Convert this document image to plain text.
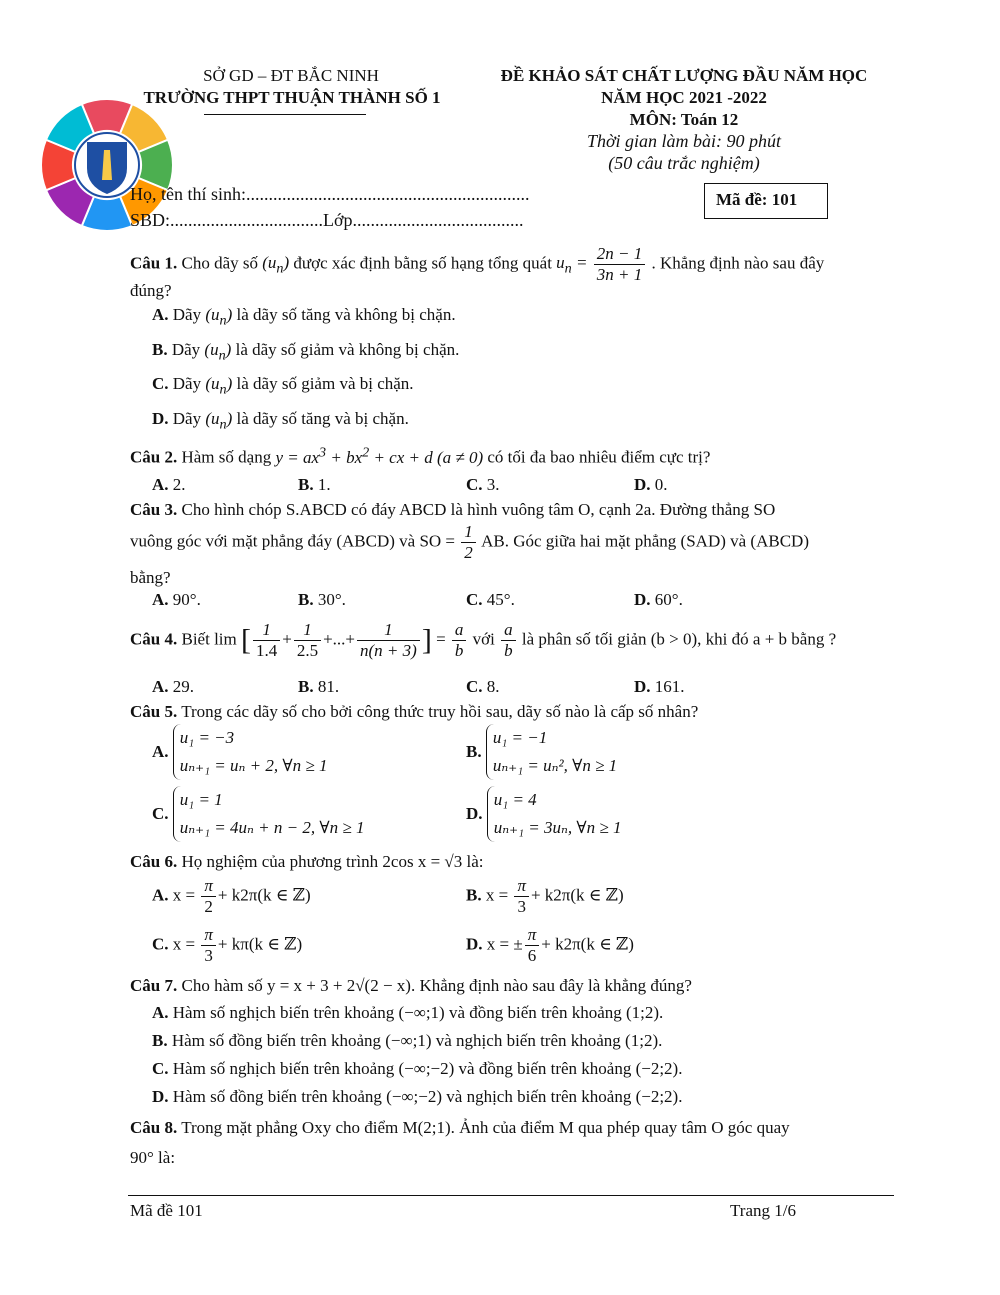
SỞ GD – ĐT BẮC NINH
TRƯỜNG THPT THUẬN THÀNH SỐ 1
ĐỀ KHẢO SÁT CHẤT LƯỢNG ĐẦU NĂM HỌC
NĂM HỌC 2021 -2022
MÔN: Toán 12
Thời gian làm bài: 90 phút
(50 câu trắc nghiệm)
Họ, tên thí sinh:...............................................................
SBD:..................................Lớp......................................
Mã đề: 101
Câu 1. Cho dãy số $(u_n)$ được xác định bằng số hạng tổng quát $u_n = \frac{2n - 1}{3n + 1}$ . Khẳng định nào sau đây
đúng?
A. Dãy $(u_n)$ là dãy số tăng và không bị chặn.
B. Dãy $(u_n)$ là dãy số giảm và không bị chặn.
C. Dãy $(u_n)$ là dãy số giảm và bị chặn.
D. Dãy $(u_n)$ là dãy số tăng và bị chặn.
Câu 2. Hàm số dạng $y = ax^3 + bx^2$ + cx + d (a ≠ 0) có tối đa bao nhiêu điểm cực trị?
A. 2.	B. 1.	C. 3.	D. 0.
Câu 3. Cho hình chóp S.ABCD có đáy ABCD là hình vuông tâm O, cạnh 2a. Đường thẳng SO
vuông góc với mặt phẳng đáy (ABCD) và SO = $\frac{1}{2}$ AB. Góc giữa hai mặt phẳng (SAD) và (ABCD)
bằng?
A. 90°.	B. 30°.	C. 45°.	D. 60°.
Câu 4. Biết lim [ $\frac{1}{1.4} + \frac{1}{2.5}$ +...+ $\frac{1}{n(n + 3)}$ ] = $\frac{a}{b}$ với $\frac{a}{b}$ là phân số tối giản (b > 0), khi đó a + b bằng ?
A. 29.	B. 81.	C. 8.	D. 161.
Câu 5. Trong các dãy số cho bởi công thức truy hồi sau, dãy số nào là cấp số nhân?
A. u₁ = −3
uₙ₊₁ = uₙ + 2, ∀n ≥ 1
B. u₁ = −1
uₙ₊₁ = uₙ², ∀n ≥ 1
C. u₁ = 1
uₙ₊₁ = 4uₙ + n − 2, ∀n ≥ 1
D. u₁ = 4
uₙ₊₁ = 3uₙ, ∀n ≥ 1
Câu 6. Họ nghiệm của phương trình 2cos x = √3 là:
A. $x = \frac{\pi}{2} + k2\pi(k$ ∈ ℤ)	B. $x = \frac{\pi}{3} + k2\pi(k$ ∈ ℤ)
C. $x = \frac{\pi}{3} + k\pi(k$ ∈ ℤ)	D. x = ± $\frac{\pi}{6} + k2\pi(k$ ∈ ℤ)
Câu 7. Cho hàm số y = x + 3 + 2√(2 − x). Khẳng định nào sau đây là khẳng đúng?
A. Hàm số nghịch biến trên khoảng (−∞;1) và đồng biến trên khoảng (1;2).
B. Hàm số đồng biến trên khoảng (−∞;1) và nghịch biến trên khoảng (1;2).
C. Hàm số nghịch biến trên khoảng (−∞;−2) và đồng biến trên khoảng (−2;2).
D. Hàm số đồng biến trên khoảng (−∞;−2) và nghịch biến trên khoảng (−2;2).
Câu 8. Trong mặt phẳng Oxy cho điểm M(2;1). Ảnh của điểm M qua phép quay tâm O góc quay
90° là:
Mã đề 101	Trang 1/6
